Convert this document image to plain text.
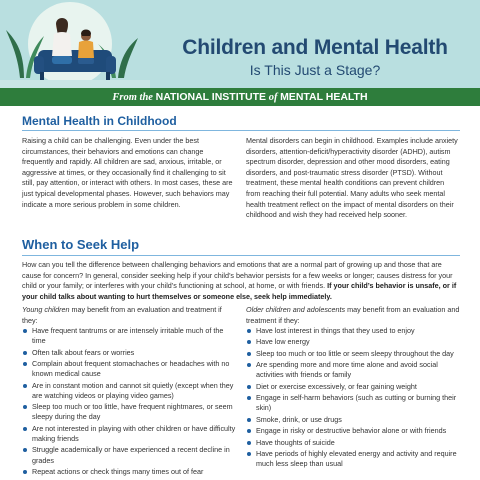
Children and Mental Health
Is This Just a Stage?
From the NATIONAL INSTITUTE of MENTAL HEALTH
Mental Health in Childhood
Raising a child can be challenging. Even under the best circumstances, their behaviors and emotions can change frequently and rapidly. All children are sad, anxious, irritable, or aggressive at times, or they occasionally find it challenging to sit still, pay attention, or interact with others. In most cases, these are just typical developmental phases. However, such behaviors may indicate a more serious problem in some children.
Mental disorders can begin in childhood. Examples include anxiety disorders, attention-deficit/hyperactivity disorder (ADHD), autism spectrum disorder, depression and other mood disorders, eating disorders, and post-traumatic stress disorder (PTSD). Without treatment, these mental health conditions can prevent children from reaching their full potential. Many adults who seek mental health treatment reflect on the impact of mental disorders on their childhood and wish they had received help sooner.
When to Seek Help
How can you tell the difference between challenging behaviors and emotions that are a normal part of growing up and those that are cause for concern? In general, consider seeking help if your child’s behavior persists for a few weeks or longer; causes distress for your child or your family; or interferes with your child’s functioning at school, at home, or with friends. If your child’s behavior is unsafe, or if your child talks about wanting to hurt themselves or someone else, seek help immediately.
Young children may benefit from an evaluation and treatment if they:
Have frequent tantrums or are intensely irritable much of the time
Often talk about fears or worries
Complain about frequent stomachaches or headaches with no known medical cause
Are in constant motion and cannot sit quietly (except when they are watching videos or playing video games)
Sleep too much or too little, have frequent nightmares, or seem sleepy during the day
Are not interested in playing with other children or have difficulty making friends
Struggle academically or have experienced a recent decline in grades
Repeat actions or check things many times out of fear
Older children and adolescents may benefit from an evaluation and treatment if they:
Have lost interest in things that they used to enjoy
Have low energy
Sleep too much or too little or seem sleepy throughout the day
Are spending more and more time alone and avoid social activities with friends or family
Diet or exercise excessively, or fear gaining weight
Engage in self-harm behaviors (such as cutting or burning their skin)
Smoke, drink, or use drugs
Engage in risky or destructive behavior alone or with friends
Have thoughts of suicide
Have periods of highly elevated energy and activity and require much less sleep than usual
